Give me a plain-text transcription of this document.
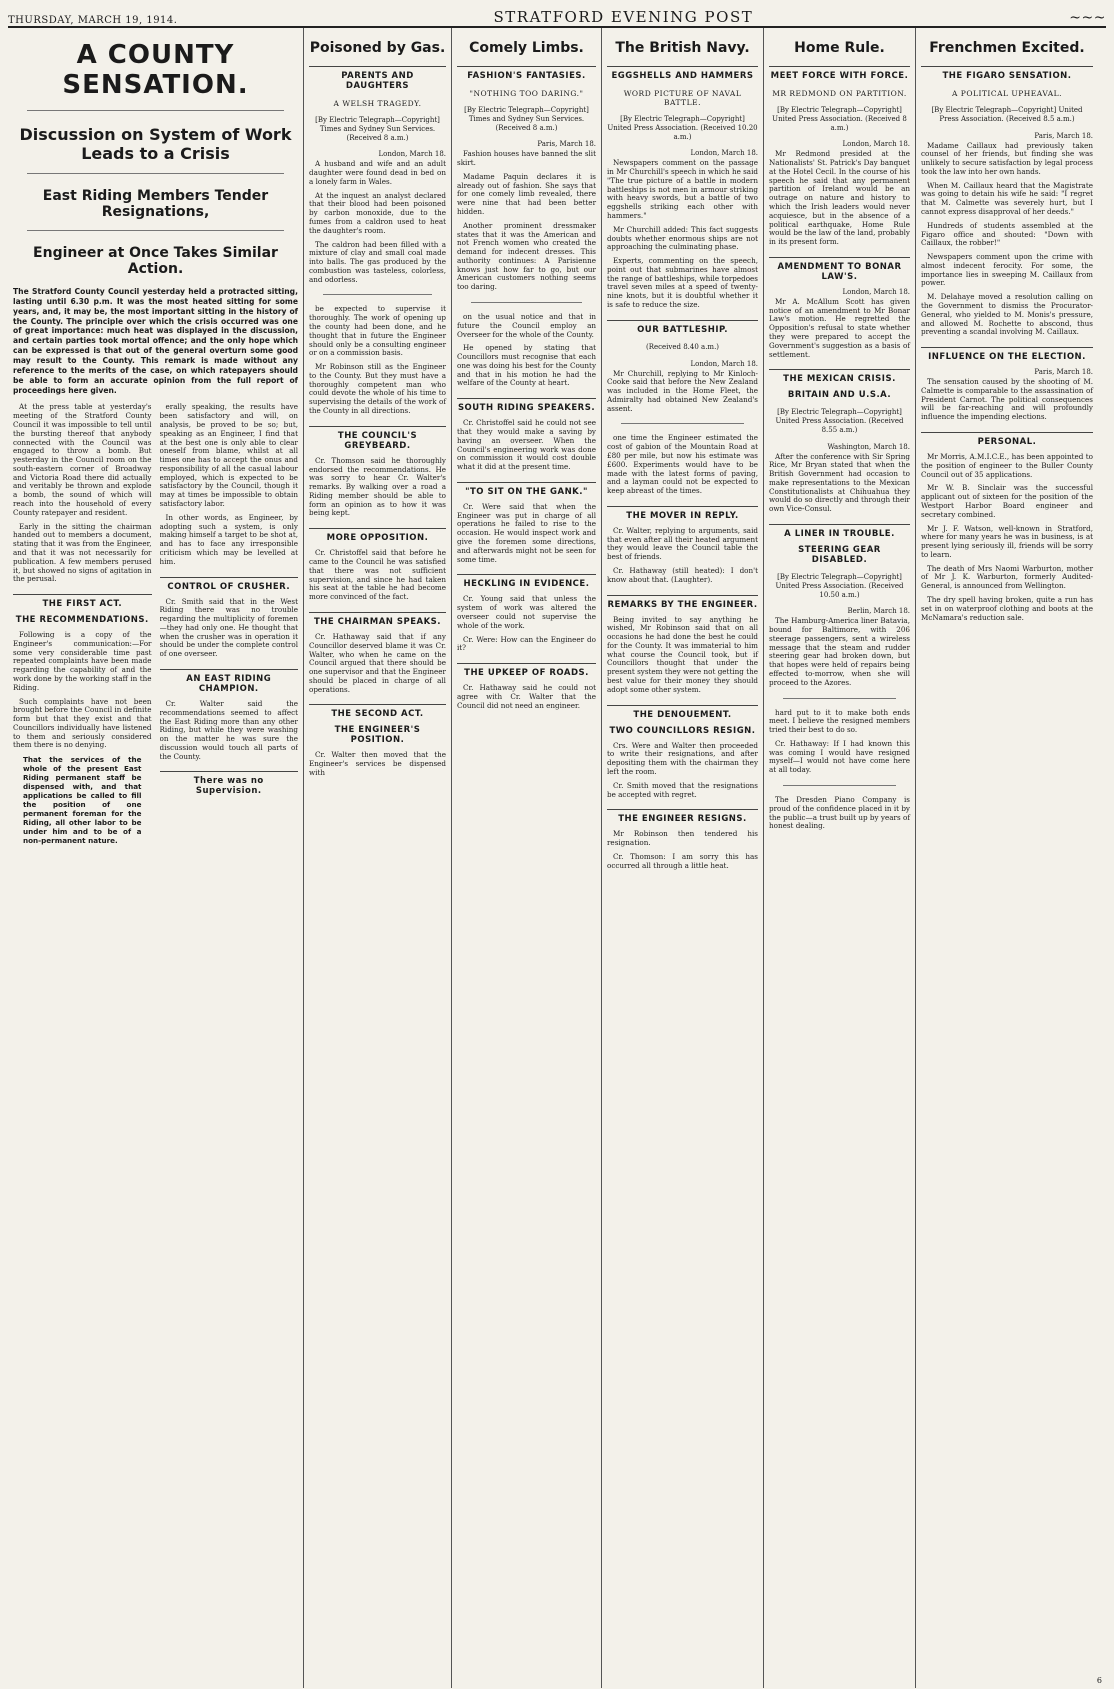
THURSDAY, MARCH 19, 1914.	STRATFORD EVENING POST	~~~
A COUNTY SENSATION.
Discussion on System of Work Leads to a Crisis
East Riding Members Tender Resignations,
Engineer at Once Takes Similar Action.
The Stratford County Council yesterday held a protracted sitting, lasting until 6.30 p.m. It was the most heated sitting for some years, and, it may be, the most important sitting in the history of the County. The principle over which the crisis occurred was one of great importance: much heat was displayed in the discussion, and certain parties took mortal offence; and the only hope which can be expressed is that out of the general overturn some good may result to the County. This remark is made without any reference to the merits of the case, on which ratepayers should be able to form an accurate opinion from the full report of proceedings here given.

At the press table at yesterday's meeting of the Stratford County Council it was impossible to tell until the bursting thereof that anybody connected with the Council was engaged to throw a bomb. But yesterday in the Council room on the south-eastern corner of Broadway and Victoria Road there did actually and veritably be thrown and explode a bomb, the sound of which will reach into the household of every County ratepayer and resident.

Early in the sitting the chairman handed out to members a document, stating that it was from the Engineer, and that it was not necessarily for publication. A few members perused it, but showed no signs of agitation in the perusal.

THE FIRST ACT.
THE RECOMMENDATIONS.

Following is a copy of the Engineer's communication:—For some very considerable time past repeated complaints have been made regarding the capability of and the work done by the working staff in the Riding.

Such complaints have not been brought before the Council in definite form but that they exist and that Councillors individually have listened to them and seriously considered them there is no denying.

That the services of the whole of the present East Riding permanent staff be dispensed with, and that applications be called to fill the position of one permanent foreman for the Riding, all other labor to be under him and to be of a non-permanent nature.

erally speaking, the results have been satisfactory and will, on analysis, be proved to be so; but, speaking as an Engineer, I find that at the best one is only able to clear oneself from blame, whilst at all times one has to accept the onus and responsibility of all the casual labour employed, which is expected to be satisfactory by the Council, though it may at times be impossible to obtain satisfactory labor.

In other words, as Engineer, by adopting such a system, is only making himself a target to be shot at, and has to face any irresponsible criticism which may be levelled at him.

CONTROL OF CRUSHER.

Cr. Smith said that in the West Riding there was no trouble regarding the multiplicity of foremen—they had only one. He thought that when the crusher was in operation it should be under the complete control of one overseer.

AN EAST RIDING CHAMPION.

Cr. Walter said the recommendations seemed to affect the East Riding more than any other Riding, but while they were washing on the matter he was sure the discussion would touch all parts of the County.

There was no Supervision.
Poisoned by Gas.
PARENTS AND DAUGHTERS
A WELSH TRAGEDY.
[By Electric Telegraph—Copyright] Times and Sydney Sun Services. (Received 8 a.m.)
London, March 18.

A husband and wife and an adult daughter were found dead in bed on a lonely farm in Wales.

At the inquest an analyst declared that their blood had been poisoned by carbon monoxide, due to the fumes from a caldron used to heat the daughter's room.

The caldron had been filled with a mixture of clay and small coal made into balls. The gas produced by the combustion was tasteless, colorless, and odorless.

be expected to supervise it thoroughly. The work of opening up the county had been done, and he thought that in future the Engineer should only be a consulting engineer or on a commission basis.

Mr Robinson still as the Engineer to the County. But they must have a thoroughly competent man who could devote the whole of his time to supervising the details of the work of the County in all directions.

THE COUNCIL'S GREYBEARD.

Cr. Thomson said he thoroughly endorsed the recommendations. He was sorry to hear Cr. Walter's remarks. By walking over a road a Riding member should be able to form an opinion as to how it was being kept.

MORE OPPOSITION.

Cr. Christoffel said that before he came to the Council he was satisfied that there was not sufficient supervision, and since he had taken his seat at the table he had become more convinced of the fact.

THE CHAIRMAN SPEAKS.

Cr. Hathaway said that if any Councillor deserved blame it was Cr. Walter, who when he came on the Council argued that there should be one supervisor and that the Engineer should be placed in charge of all operations.

THE SECOND ACT.
THE ENGINEER'S POSITION.

Cr. Walter then moved that the Engineer's services be dispensed with

Comely Limbs.
FASHION'S FANTASIES.
"NOTHING TOO DARING."
[By Electric Telegraph—Copyright] Times and Sydney Sun Services. (Received 8 a.m.)
Paris, March 18.

Fashion houses have banned the slit skirt.

Madame Paquin declares it is already out of fashion. She says that for one comely limb revealed, there were nine that had been better hidden.

Another prominent dressmaker states that it was the American and not French women who created the demand for indecent dresses. This authority continues: A Parisienne knows just how far to go, but our American customers nothing seems too daring.

on the usual notice and that in future the Council employ an Overseer for the whole of the County.

He opened by stating that Councillors must recognise that each one was doing his best for the County and that in his motion he had the welfare of the County at heart.

SOUTH RIDING SPEAKERS.

Cr. Christoffel said he could not see that they would make a saving by having an overseer. When the Council's engineering work was done on commission it would cost double what it did at the present time.

"TO SIT ON THE GANK."

Cr. Were said that when the Engineer was put in charge of all operations he failed to rise to the occasion. He would inspect work and give the foremen some directions, and afterwards might not be seen for some time.

HECKLING IN EVIDENCE.

Cr. Young said that unless the system of work was altered the overseer could not supervise the whole of the work.

Cr. Were: How can the Engineer do it?

THE UPKEEP OF ROADS.

Cr. Hathaway said he could not agree with Cr. Walter that the Council did not need an engineer.

The British Navy.
EGGSHELLS AND HAMMERS
WORD PICTURE OF NAVAL BATTLE.
[By Electric Telegraph—Copyright] United Press Association. (Received 10.20 a.m.)
London, March 18.

Newspapers comment on the passage in Mr Churchill's speech in which he said "The true picture of a battle in modern battleships is not men in armour striking with heavy swords, but a battle of two eggshells striking each other with hammers."

Mr Churchill added: This fact suggests doubts whether enormous ships are not approaching the culminating phase.

Experts, commenting on the speech, point out that submarines have almost the range of battleships, while torpedoes travel seven miles at a speed of twenty-nine knots, but it is doubtful whether it is safe to reduce the size.

OUR BATTLESHIP.
(Received 8.40 a.m.)
London, March 18.

Mr Churchill, replying to Mr Kinloch-Cooke said that before the New Zealand was included in the Home Fleet, the Admiralty had obtained New Zealand's assent.

one time the Engineer estimated the cost of gabion of the Mountain Road at £80 per mile, but now his estimate was £600. Experiments would have to be made with the latest forms of paving, and a layman could not be expected to keep abreast of the times.

THE MOVER IN REPLY.

Cr. Walter, replying to arguments, said that even after all their heated argument they would leave the Council table the best of friends.

Cr. Hathaway (still heated): I don't know about that. (Laughter).

REMARKS BY THE ENGINEER.

Being invited to say anything he wished, Mr Robinson said that on all occasions he had done the best he could for the County. It was immaterial to him what course the Council took, but if Councillors thought that under the present system they were not getting the best value for their money they should adopt some other system.

THE DENOUEMENT.
TWO COUNCILLORS RESIGN.

Crs. Were and Walter then proceeded to write their resignations, and after depositing them with the chairman they left the room.

Cr. Smith moved that the resignations be accepted with regret.

THE ENGINEER RESIGNS.

Mr Robinson then tendered his resignation.

Cr. Thomson: I am sorry this has occurred all through a little heat.

Home Rule.
MEET FORCE WITH FORCE.
MR REDMOND ON PARTITION.
[By Electric Telegraph—Copyright] United Press Association. (Received 8 a.m.)
London, March 18.

Mr Redmond presided at the Nationalists' St. Patrick's Day banquet at the Hotel Cecil. In the course of his speech he said that any permanent partition of Ireland would be an outrage on nature and history to which the Irish leaders would never acquiesce, but in the absence of a political earthquake, Home Rule would be the law of the land, probably in its present form.

AMENDMENT TO BONAR LAW'S.
London, March 18.

Mr A. McAllum Scott has given notice of an amendment to Mr Bonar Law's motion. He regretted the Opposition's refusal to state whether they were prepared to accept the Government's suggestion as a basis of settlement.

THE MEXICAN CRISIS.
BRITAIN AND U.S.A.
[By Electric Telegraph—Copyright] United Press Association. (Received 8.55 a.m.)
Washington, March 18.

After the conference with Sir Spring Rice, Mr Bryan stated that when the British Government had occasion to make representations to the Mexican Constitutionalists at Chihuahua they would do so directly and through their own Vice-Consul.

A LINER IN TROUBLE.
STEERING GEAR DISABLED.
[By Electric Telegraph—Copyright] United Press Association. (Received 10.50 a.m.)
Berlin, March 18.

The Hamburg-America liner Batavia, bound for Baltimore, with 206 steerage passengers, sent a wireless message that the steam and rudder steering gear had broken down, but that hopes were held of repairs being effected to-morrow, when she will proceed to the Azores.

hard put to it to make both ends meet. I believe the resigned members tried their best to do so.

Cr. Hathaway: If I had known this was coming I would have resigned myself—I would not have come here at all today.

The Dresden Piano Company is proud of the confidence placed in it by the public—a trust built up by years of honest dealing.

Frenchmen Excited.
THE FIGARO SENSATION.
A POLITICAL UPHEAVAL.
[By Electric Telegraph—Copyright] United Press Association. (Received 8.5 a.m.)
Paris, March 18.

Madame Caillaux had previously taken counsel of her friends, but finding she was unlikely to secure satisfaction by legal process took the law into her own hands.

When M. Caillaux heard that the Magistrate was going to detain his wife he said: "I regret that M. Calmette was severely hurt, but I cannot express disapproval of her deeds."

Hundreds of students assembled at the Figaro office and shouted: "Down with Caillaux, the robber!"

Newspapers comment upon the crime with almost indecent ferocity. For some, the importance lies in sweeping M. Caillaux from power.

M. Delahaye moved a resolution calling on the Government to dismiss the Procurator-General, who yielded to M. Monis's pressure, and allowed M. Rochette to abscond, thus preventing a scandal involving M. Caillaux.

INFLUENCE ON THE ELECTION.
Paris, March 18.

The sensation caused by the shooting of M. Calmette is comparable to the assassination of President Carnot. The political consequences will be far-reaching and will profoundly influence the impending elections.

PERSONAL.

Mr Morris, A.M.I.C.E., has been appointed to the position of engineer to the Buller County Council out of 35 applications.

Mr W. B. Sinclair was the successful applicant out of sixteen for the position of the Westport Harbor Board engineer and secretary combined.

Mr J. F. Watson, well-known in Stratford, where for many years he was in business, is at present lying seriously ill, friends will be sorry to learn.

The death of Mrs Naomi Warburton, mother of Mr J. K. Warburton, formerly Audited-General, is announced from Wellington.

The dry spell having broken, quite a run has set in on waterproof clothing and boots at the McNamara's reduction sale.

6
